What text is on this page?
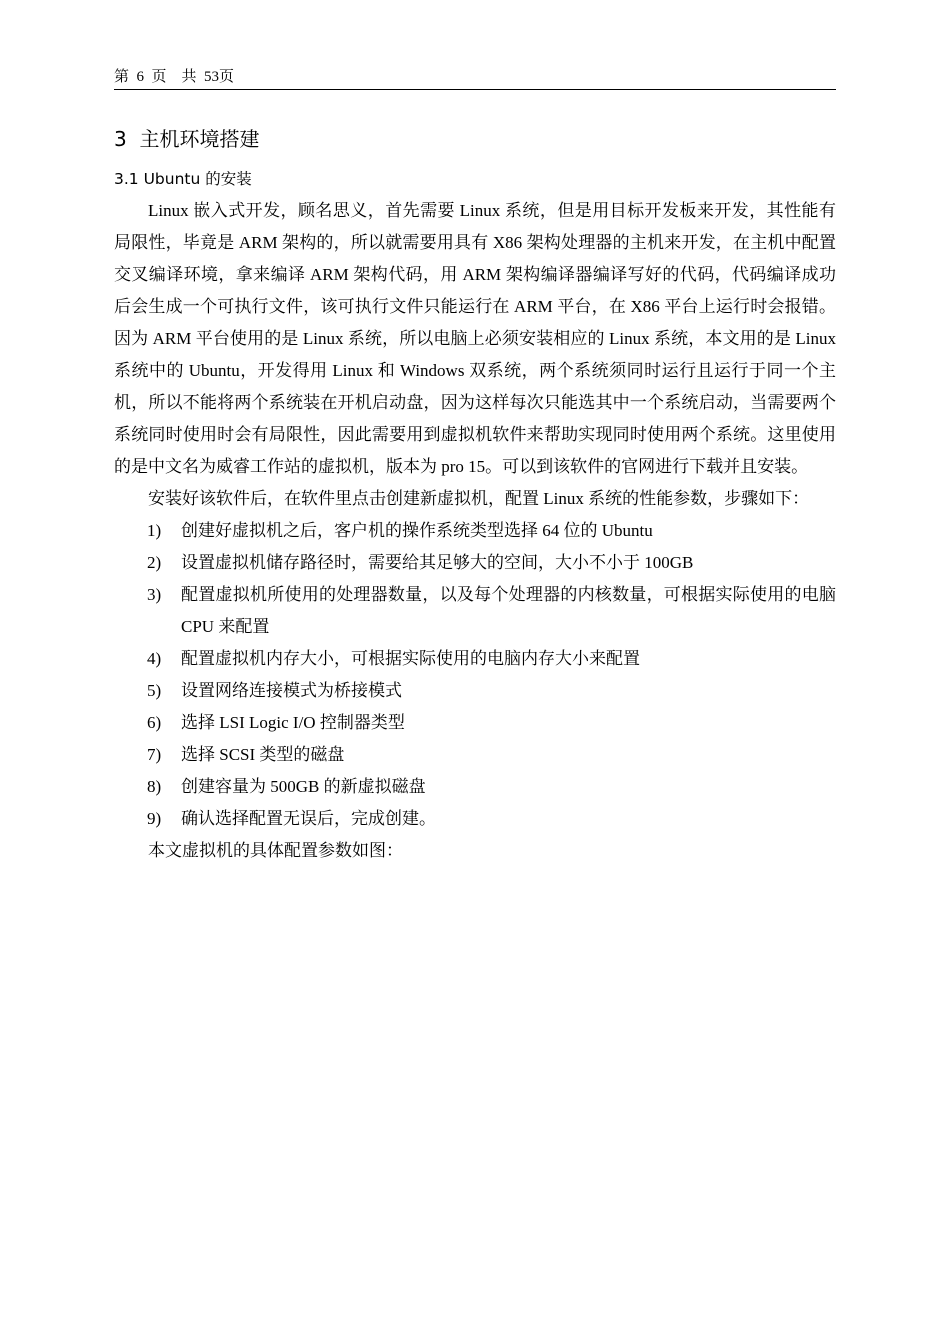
第  6  页    共  53页
3  主机环境搭建
3.1 Ubuntu 的安装

Linux 嵌入式开发，顾名思义，首先需要 Linux 系统，但是用目标开发板来开发，其性能有局限性，毕竟是 ARM 架构的，所以就需要用具有 X86 架构处理器的主机来开发，在主机中配置交叉编译环境，拿来编译 ARM 架构代码，用 ARM 架构编译器编译写好的代码，代码编译成功后会生成一个可执行文件，该可执行文件只能运行在 ARM 平台，在 X86 平台上运行时会报错。因为 ARM 平台使用的是 Linux 系统，所以电脑上必须安装相应的 Linux 系统，本文用的是 Linux 系统中的 Ubuntu，开发得用 Linux 和 Windows 双系统，两个系统须同时运行且运行于同一个主机，所以不能将两个系统装在开机启动盘，因为这样每次只能选其中一个系统启动，当需要两个系统同时使用时会有局限性，因此需要用到虚拟机软件来帮助实现同时使用两个系统。这里使用的是中文名为威睿工作站的虚拟机，版本为 pro 15。可以到该软件的官网进行下载并且安装。

安装好该软件后，在软件里点击创建新虚拟机，配置 Linux 系统的性能参数，步骤如下：

1) 创建好虚拟机之后，客户机的操作系统类型选择 64 位的 Ubuntu
2) 设置虚拟机储存路径时，需要给其足够大的空间，大小不小于 100GB
3) 配置虚拟机所使用的处理器数量，以及每个处理器的内核数量，可根据实际使用的电脑 CPU 来配置
4) 配置虚拟机内存大小，可根据实际使用的电脑内存大小来配置
5) 设置网络连接模式为桥接模式
6) 选择 LSI Logic I/O 控制器类型
7) 选择 SCSI 类型的磁盘
8) 创建容量为 500GB 的新虚拟磁盘
9) 确认选择配置无误后，完成创建。

本文虚拟机的具体配置参数如图：
